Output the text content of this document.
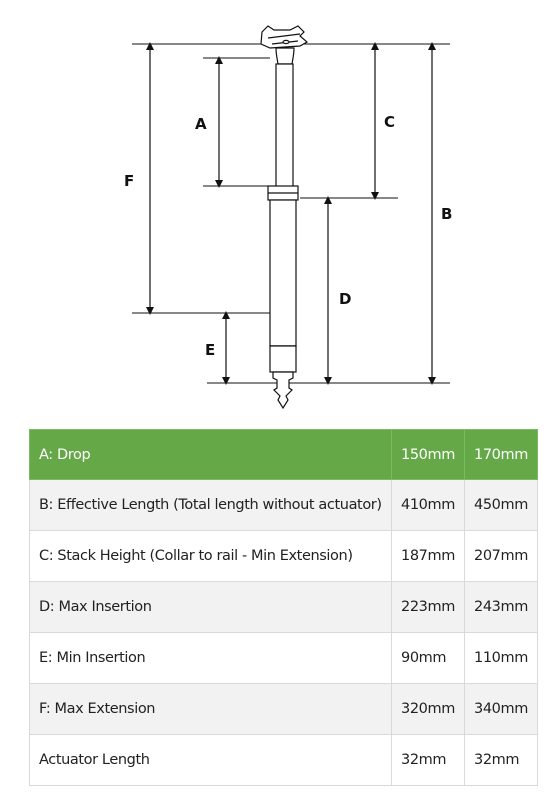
A
B
C
D
E
F
A: Drop	150mm	170mm
B: Effective Length (Total length without actuator)	410mm	450mm
C: Stack Height (Collar to rail - Min Extension)	187mm	207mm
D: Max Insertion	223mm	243mm
E: Min Insertion	90mm	110mm
F: Max Extension	320mm	340mm
Actuator Length	32mm	32mm
